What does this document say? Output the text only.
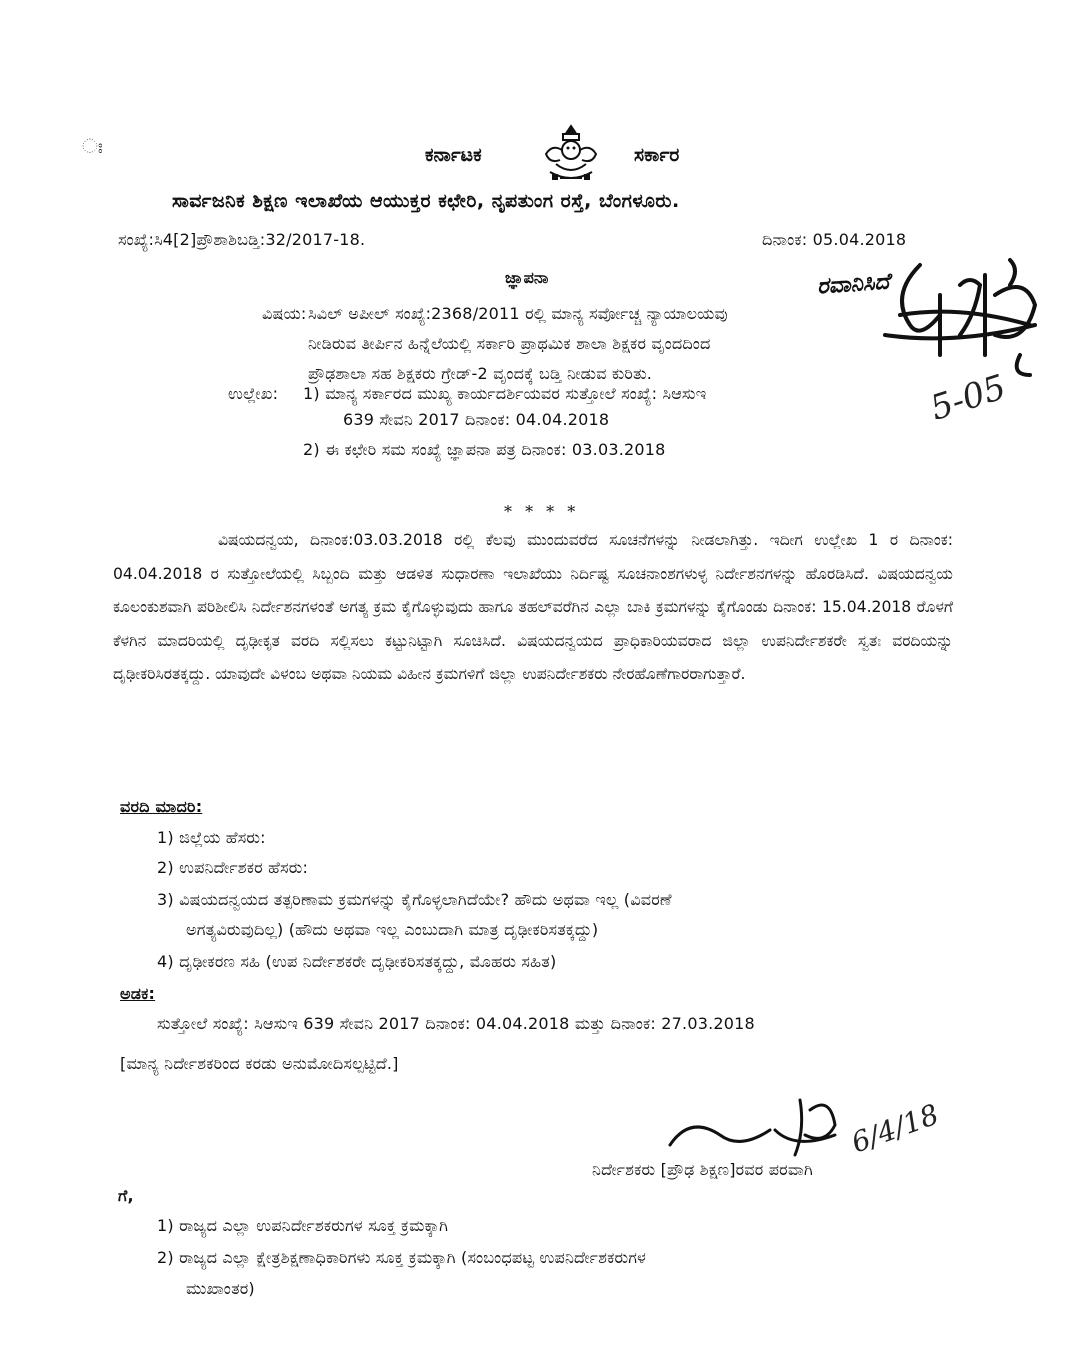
ಃ	ಕರ್ನಾಟಕ	ಸರ್ಕಾರ
ಸಾರ್ವಜನಿಕ ಶಿಕ್ಷಣ ಇಲಾಖೆಯ ಆಯುಕ್ತರ ಕಛೇರಿ, ನೃಪತುಂಗ ರಸ್ತೆ, ಬೆಂಗಳೂರು.
ಸಂಖ್ಯೆ:ಸಿ4[2]ಪ್ರೌಶಾಶಿಬಡ್ತಿ:32/2017-18.	ದಿನಾಂಕ: 05.04.2018
ರವಾನಿಸಿದೆ
5-05
ಜ್ಞಾಪನಾ
ವಿಷಯ: ಸಿವಿಲ್ ಅಪೀಲ್ ಸಂಖ್ಯೆ:2368/2011 ರಲ್ಲಿ ಮಾನ್ಯ ಸರ್ವೋಚ್ಚ ನ್ಯಾಯಾಲಯವು
ನೀಡಿರುವ ತೀರ್ಪಿನ ಹಿನ್ನೆಲೆಯಲ್ಲಿ ಸರ್ಕಾರಿ ಪ್ರಾಥಮಿಕ ಶಾಲಾ ಶಿಕ್ಷಕರ ವೃಂದದಿಂದ
ಪ್ರೌಢಶಾಲಾ ಸಹ ಶಿಕ್ಷಕರು ಗ್ರೇಡ್-2 ವೃಂದಕ್ಕೆ ಬಡ್ತಿ ನೀಡುವ ಕುರಿತು.
ಉಲ್ಲೇಖ: 1) ಮಾನ್ಯ ಸರ್ಕಾರದ ಮುಖ್ಯ ಕಾರ್ಯದರ್ಶಿಯವರ ಸುತ್ತೋಲೆ ಸಂಖ್ಯೆ: ಸಿಆಸುಇ
639 ಸೇವನಿ 2017 ದಿನಾಂಕ: 04.04.2018
2) ಈ ಕಛೇರಿ ಸಮ ಸಂಖ್ಯೆ ಜ್ಞಾಪನಾ ಪತ್ರ ದಿನಾಂಕ: 03.03.2018
* * * *
ವಿಷಯದನ್ವಯ, ದಿನಾಂಕ:03.03.2018 ರಲ್ಲಿ ಕೆಲವು ಮುಂದುವರೆದ ಸೂಚನೆಗಳನ್ನು ನೀಡಲಾಗಿತ್ತು. ಇದೀಗ ಉಲ್ಲೇಖ 1 ರ ದಿನಾಂಕ: 04.04.2018 ರ ಸುತ್ತೋಲೆಯಲ್ಲಿ ಸಿಬ್ಬಂದಿ ಮತ್ತು ಆಡಳಿತ ಸುಧಾರಣಾ ಇಲಾಖೆಯು ನಿರ್ದಿಷ್ಟ ಸೂಚನಾಂಶಗಳುಳ್ಳ ನಿರ್ದೇಶನಗಳನ್ನು ಹೊರಡಿಸಿದೆ. ವಿಷಯದನ್ವಯ ಕೂಲಂಕುಶವಾಗಿ ಪರಿಶೀಲಿಸಿ ನಿರ್ದೇಶನಗಳಂತೆ ಅಗತ್ಯ ಕ್ರಮ ಕೈಗೊಳ್ಳುವುದು ಹಾಗೂ ತಹಲ್‌ವರೆಗಿನ ಎಲ್ಲಾ ಬಾಕಿ ಕ್ರಮಗಳನ್ನು ಕೈಗೊಂಡು ದಿನಾಂಕ: 15.04.2018 ರೊಳಗೆ ಕೆಳಗಿನ ಮಾದರಿಯಲ್ಲಿ ದೃಢೀಕೃತ ವರದಿ ಸಲ್ಲಿಸಲು ಕಟ್ಟುನಿಟ್ಟಾಗಿ ಸೂಚಿಸಿದೆ. ವಿಷಯದನ್ವಯದ ಪ್ರಾಧಿಕಾರಿಯವರಾದ ಜಿಲ್ಲಾ ಉಪನಿರ್ದೇಶಕರೇ ಸ್ವತಃ ವರದಿಯನ್ನು ದೃಢೀಕರಿಸಿರತಕ್ಕದ್ದು. ಯಾವುದೇ ವಿಳಂಬ ಅಥವಾ ನಿಯಮ ವಿಹೀನ ಕ್ರಮಗಳಿಗೆ ಜಿಲ್ಲಾ ಉಪನಿರ್ದೇಶಕರು ನೇರಹೊಣೆಗಾರರಾಗುತ್ತಾರೆ.
ವರದಿ ಮಾದರಿ:
1) ಜಿಲ್ಲೆಯ ಹೆಸರು:
2) ಉಪನಿರ್ದೇಶಕರ ಹೆಸರು:
3) ವಿಷಯದನ್ವಯದ ತತ್ಪರಿಣಾಮ ಕ್ರಮಗಳನ್ನು ಕೈಗೊಳ್ಳಲಾಗಿದೆಯೇ? ಹೌದು ಅಥವಾ ಇಲ್ಲ (ವಿವರಣೆ
ಅಗತ್ಯವಿರುವುದಿಲ್ಲ) (ಹೌದು ಅಥವಾ ಇಲ್ಲ ಎಂಬುದಾಗಿ ಮಾತ್ರ ದೃಢೀಕರಿಸತಕ್ಕದ್ದು)
4) ದೃಢೀಕರಣ ಸಹಿ (ಉಪ ನಿರ್ದೇಶಕರೇ ದೃಢೀಕರಿಸತಕ್ಕದ್ದು, ಮೊಹರು ಸಹಿತ)
ಅಡಕ:
ಸುತ್ತೋಲೆ ಸಂಖ್ಯೆ: ಸಿಆಸುಇ 639 ಸೇವನಿ 2017 ದಿನಾಂಕ: 04.04.2018 ಮತ್ತು ದಿನಾಂಕ: 27.03.2018
[ಮಾನ್ಯ ನಿರ್ದೇಶಕರಿಂದ ಕರಡು ಅನುಮೋದಿಸಲ್ಪಟ್ಟಿದೆ.]
6/4/18
ನಿರ್ದೇಶಕರು [ಪ್ರೌಢ ಶಿಕ್ಷಣ]ರವರ ಪರವಾಗಿ
ಗೆ,
1) ರಾಜ್ಯದ ಎಲ್ಲಾ ಉಪನಿರ್ದೇಶಕರುಗಳ ಸೂಕ್ತ ಕ್ರಮಕ್ಕಾಗಿ
2) ರಾಜ್ಯದ ಎಲ್ಲಾ ಕ್ಷೇತ್ರಶಿಕ್ಷಣಾಧಿಕಾರಿಗಳು ಸೂಕ್ತ ಕ್ರಮಕ್ಕಾಗಿ (ಸಂಬಂಧಪಟ್ಟ ಉಪನಿರ್ದೇಶಕರುಗಳ
ಮುಖಾಂತರ)
